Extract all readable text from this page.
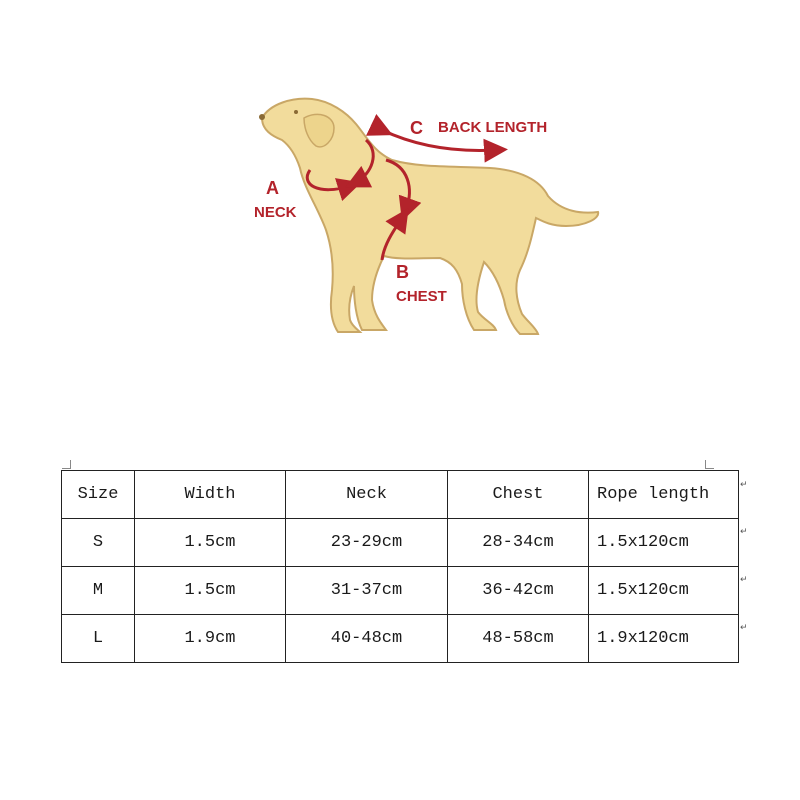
A
NECK
B
CHEST
C BACK LENGTH
Size	Width	Neck	Chest	Rope length
S	1.5cm	23-29cm	28-34cm	1.5x120cm
M	1.5cm	31-37cm	36-42cm	1.5x120cm
L	1.9cm	40-48cm	48-58cm	1.9x120cm
↵
↵
↵
↵
